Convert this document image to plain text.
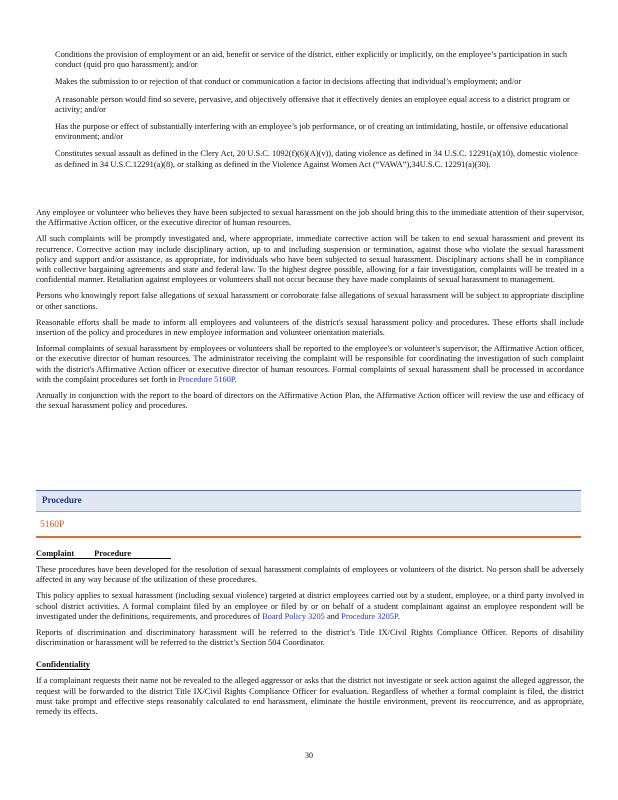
Conditions the provision of employment or an aid, benefit or service of the district, either explicitly or implicitly, on the employee’s participation in such conduct (quid pro quo harassment); and/or
Makes the submission to or rejection of that conduct or communication a factor in decisions affecting that individual’s employment; and/or
A reasonable person would find so severe, pervasive, and objectively offensive that it effectively denies an employee equal access to a district program or activity; and/or
Has the purpose or effect of substantially interfering with an employee’s job performance, or of creating an intimidating, hostile, or offensive educational environment; and/or
Constitutes sexual assault as defined in the Clery Act, 20 U.S.C. 1092(f)(6)(A)(v)), dating violence as defined in 34 U.S.C. 12291(a)(10), domestic violence as defined in 34 U.S.C.12291(a)(8), or stalking as defined in the Violence Against Women Act (“VAWA”),34U.S.C. 12291(a)(30).

Any employee or volunteer who believes they have been subjected to sexual harassment on the job should bring this to the immediate attention of their supervisor, the Affirmative Action officer, or the executive director of human resources.

All such complaints will be promptly investigated and, where appropriate, immediate corrective action will be taken to end sexual harassment and prevent its recurrence. Corrective action may include disciplinary action, up to and including suspension or termination, against those who violate the sexual harassment policy and support and/or assistance, as appropriate, for individuals who have been subjected to sexual harassment. Disciplinary actions shall be in compliance with collective bargaining agreements and state and federal law. To the highest degree possible, allowing for a fair investigation, complaints will be treated in a confidential manner. Retaliation against employees or volunteers shall not occur because they have made complaints of sexual harassment to management.

Persons who knowingly report false allegations of sexual harassment or corroborate false allegations of sexual harassment will be subject to appropriate discipline or other sanctions.

Reasonable efforts shall be made to inform all employees and volunteers of the district's sexual harassment policy and procedures. These efforts shall include insertion of the policy and procedures in new employee information and volunteer orientation materials.

Informal complaints of sexual harassment by employees or volunteers shall be reported to the employee's or volunteer's supervisor, the Affirmative Action officer, or the executive director of human resources. The administrator receiving the complaint will be responsible for coordinating the investigation of such complaint with the district's Affirmative Action officer or executive director of human resources. Formal complaints of sexual harassment shall be processed in accordance with the complaint procedures set forth in Procedure 5160P.

Annually in conjunction with the report to the board of directors on the Affirmative Action Plan, the Affirmative Action officer will review the use and efficacy of the sexual harassment policy and procedures.

Procedure
5160P
Complaint Procedure

These procedures have been developed for the resolution of sexual harassment complaints of employees or volunteers of the district. No person shall be adversely affected in any way because of the utilization of these procedures.

This policy applies to sexual harassment (including sexual violence) targeted at district employees carried out by a student, employee, or a third party involved in school district activities. A formal complaint filed by an employee or filed by or on behalf of a student complainant against an employee respondent will be investigated under the definitions, requirements, and procedures of Board Policy 3205 and Procedure 3205P.

Reports of discrimination and discriminatory harassment will be referred to the district’s Title IX/Civil Rights Compliance Officer. Reports of disability discrimination or harassment will be referred to the district’s Section 504 Coordinator.

Confidentiality

If a complainant requests their name not be revealed to the alleged aggressor or asks that the district not investigate or seek action against the alleged aggressor, the request will be forwarded to the district Title IX/Civil Rights Compliance Officer for evaluation. Regardless of whether a formal complaint is filed, the district must take prompt and effective steps reasonably calculated to end harassment, eliminate the hostile environment, prevent its reoccurrence, and as appropriate, remedy its effects.

30
